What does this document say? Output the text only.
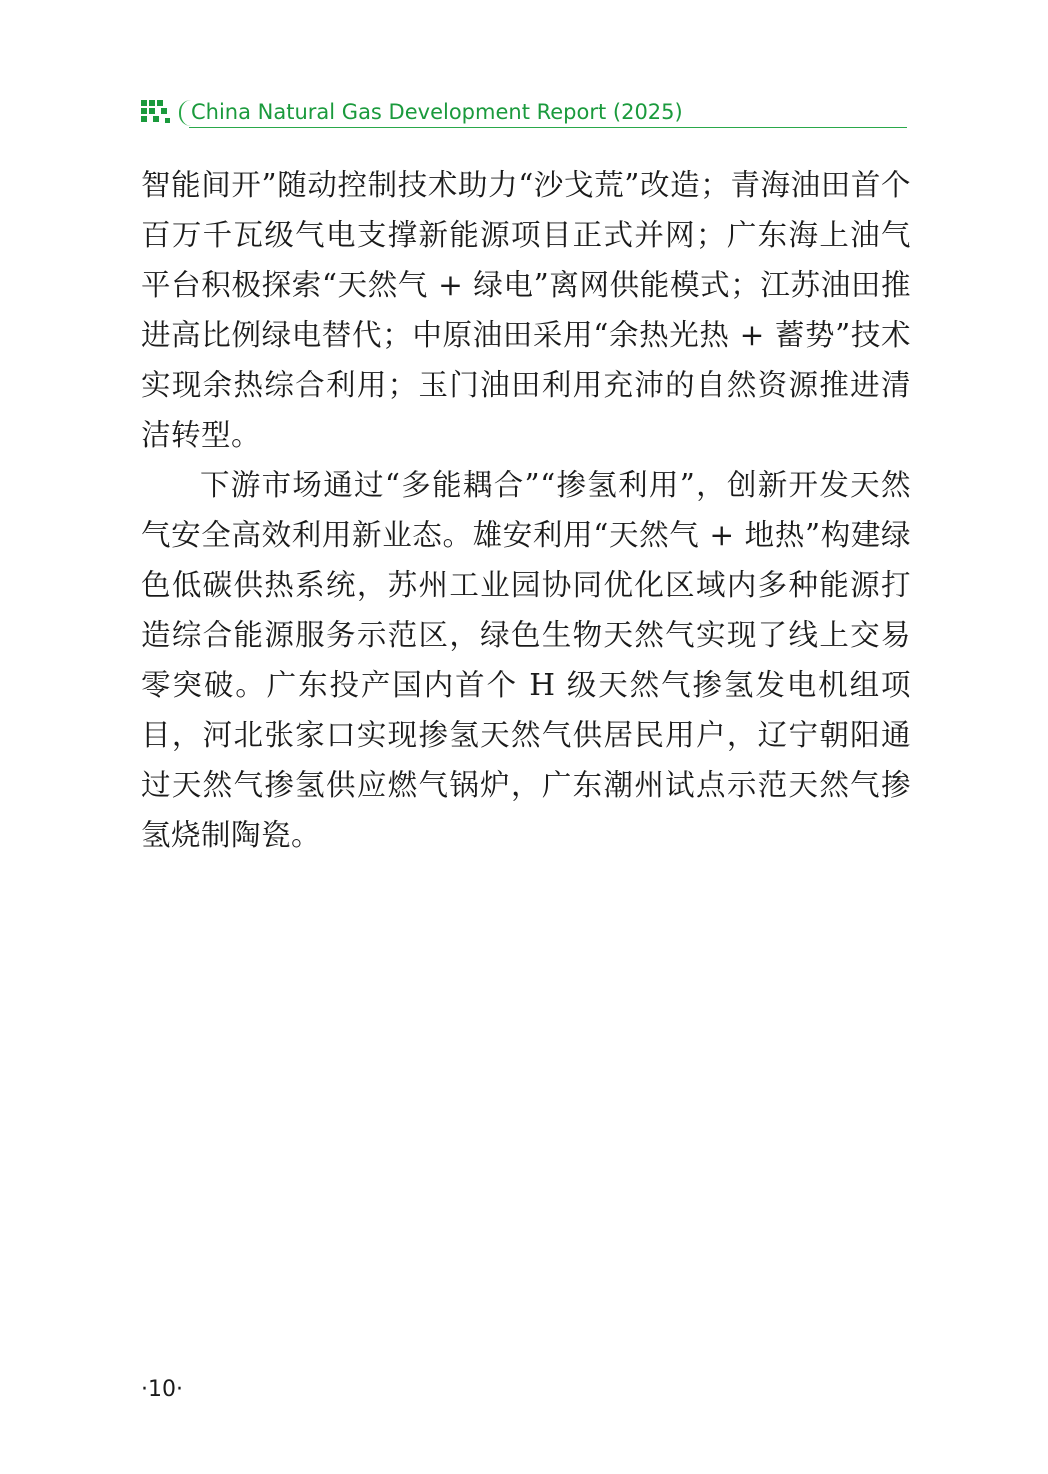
China Natural Gas Development Report (2025)

智能间开”随动控制技术助力“沙戈荒”改造；青海油田首个百万千瓦级气电支撑新能源项目正式并网；广东海上油气平台积极探索“天然气 + 绿电”离网供能模式；江苏油田推进高比例绿电替代；中原油田采用“余热光热 + 蓄势”技术实现余热综合利用；玉门油田利用充沛的自然资源推进清洁转型。

下游市场通过“多能耦合”“掺氢利用”，创新开发天然气安全高效利用新业态。雄安利用“天然气 + 地热”构建绿色低碳供热系统，苏州工业园协同优化区域内多种能源打造综合能源服务示范区，绿色生物天然气实现了线上交易零突破。广东投产国内首个 H 级天然气掺氢发电机组项目，河北张家口实现掺氢天然气供居民用户，辽宁朝阳通过天然气掺氢供应燃气锅炉，广东潮州试点示范天然气掺氢烧制陶瓷。

·10·
